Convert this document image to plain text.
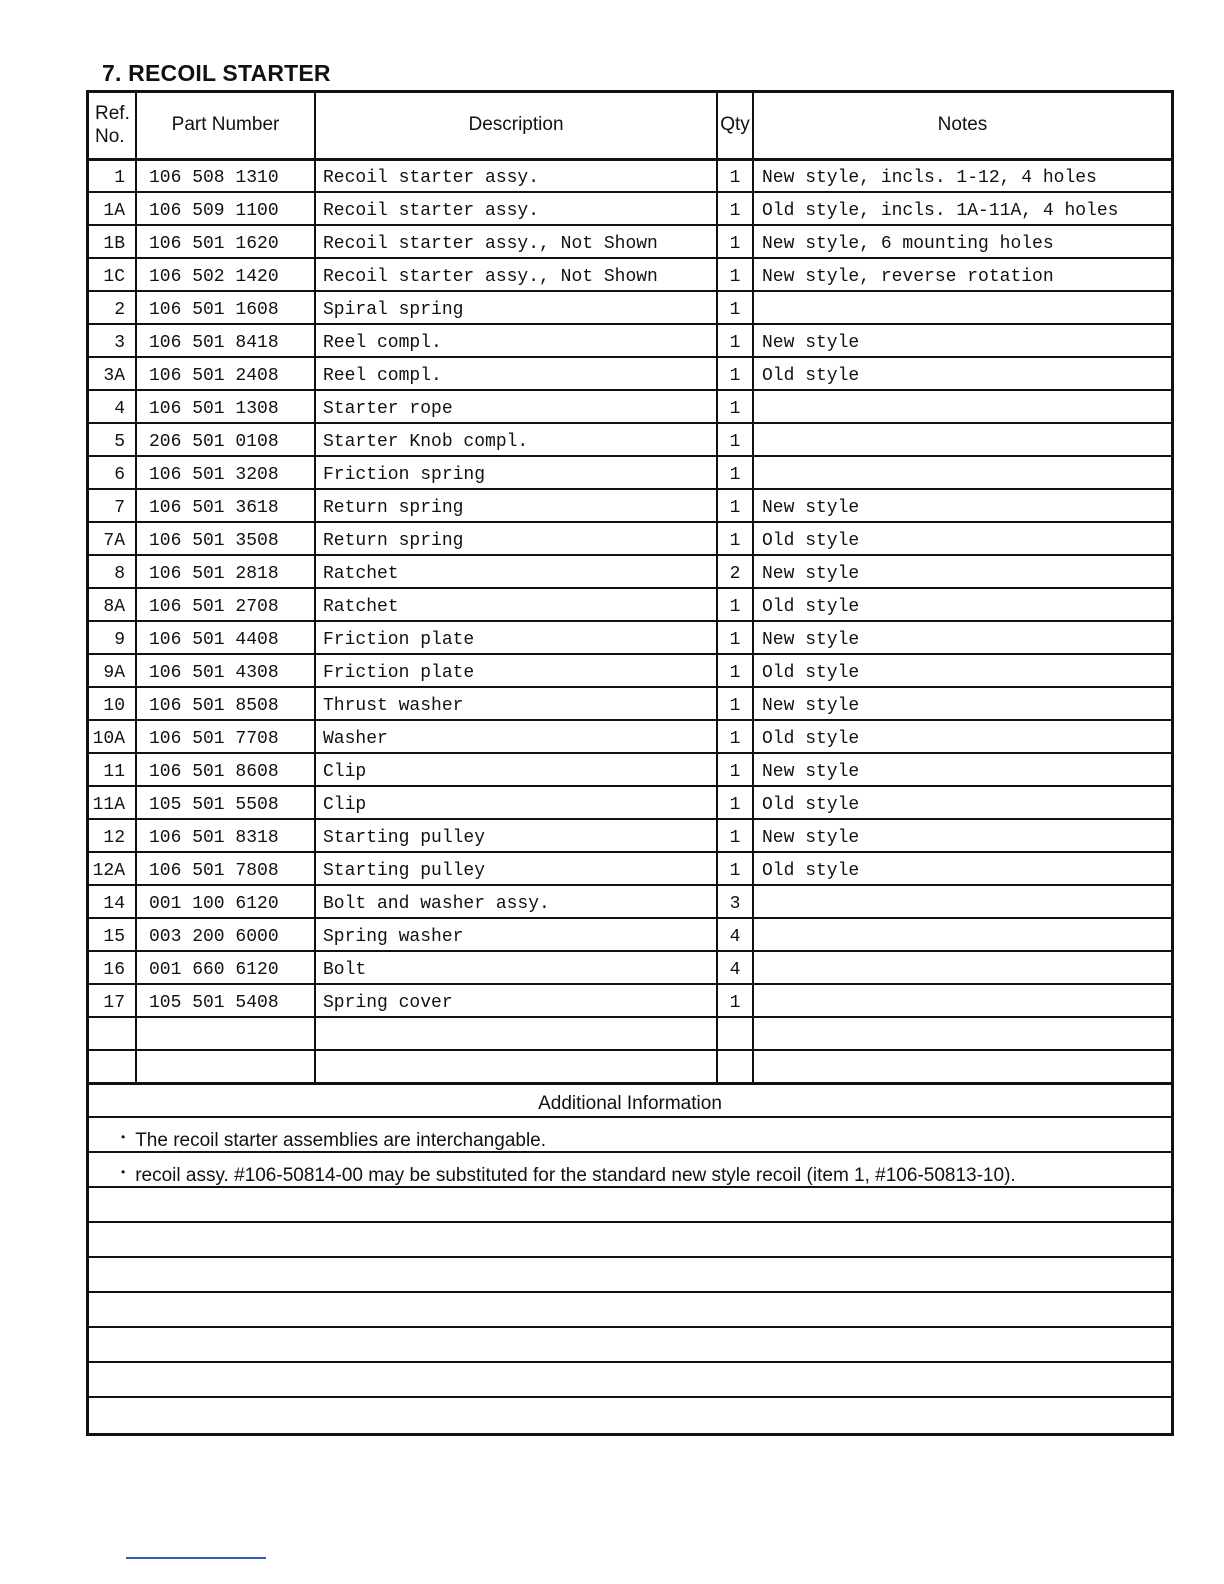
7. RECOIL STARTER
Ref.
No.	Part Number	Description	Qty	Notes
1	106 508 1310	Recoil starter assy.	1	New style, incls. 1-12, 4 holes
1A	106 509 1100	Recoil starter assy.	1	Old style, incls. 1A-11A, 4 holes
1B	106 501 1620	Recoil starter assy., Not Shown	1	New style, 6 mounting holes
1C	106 502 1420	Recoil starter assy., Not Shown	1	New style, reverse rotation
2	106 501 1608	Spiral spring	1	
3	106 501 8418	Reel compl.	1	New style
3A	106 501 2408	Reel compl.	1	Old style
4	106 501 1308	Starter rope	1	
5	206 501 0108	Starter Knob compl.	1	
6	106 501 3208	Friction spring	1	
7	106 501 3618	Return spring	1	New style
7A	106 501 3508	Return spring	1	Old style
8	106 501 2818	Ratchet	2	New style
8A	106 501 2708	Ratchet	1	Old style
9	106 501 4408	Friction plate	1	New style
9A	106 501 4308	Friction plate	1	Old style
10	106 501 8508	Thrust washer	1	New style
10A	106 501 7708	Washer	1	Old style
11	106 501 8608	Clip	1	New style
11A	105 501 5508	Clip	1	Old style
12	106 501 8318	Starting pulley	1	New style
12A	106 501 7808	Starting pulley	1	Old style
14	001 100 6120	Bolt and washer assy.	3	
15	003 200 6000	Spring washer	4	
16	001 660 6120	Bolt	4	
17	105 501 5408	Spring cover	1	

Additional Information
• The recoil starter assemblies are interchangable.
• recoil assy. #106-50814-00 may be substituted for the standard new style recoil (item 1, #106-50813-10).
